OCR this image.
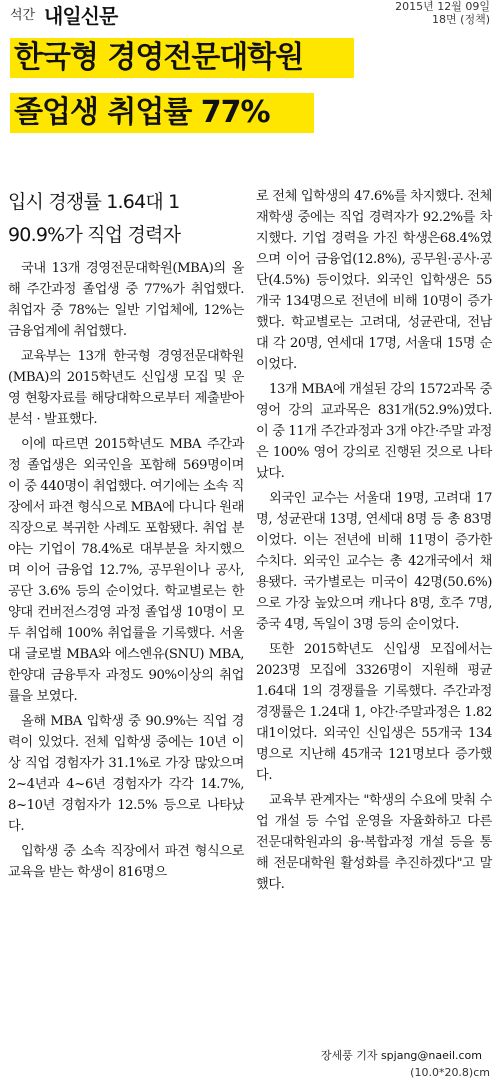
석간 내일신문	2015년 12월 09일
18면 (정책)
한국형 경영전문대학원
졸업생 취업률 77%
입시 경쟁률 1.64대 1
90.9%가 직업 경력자

국내 13개 경영전문대학원(MBA)의 올해 주간과정 졸업생 중 77%가 취업했다. 취업자 중 78%는 일반 기업체에, 12%는 금융업계에 취업했다.

교육부는 13개 한국형 경영전문대학원(MBA)의 2015학년도 신입생 모집 및 운영 현황자료를 해당대학으로부터 제출받아 분석 · 발표했다.

이에 따르면 2015학년도 MBA 주간과정 졸업생은 외국인을 포함해 569명이며 이 중 440명이 취업했다. 여기에는 소속 직장에서 파견 형식으로 MBA에 다니다 원래 직장으로 복귀한 사례도 포함됐다. 취업 분야는 기업이 78.4%로 대부분을 차지했으며 이어 금융업 12.7%, 공무원이나 공사, 공단 3.6% 등의 순이었다. 학교별로는 한양대 컨버전스경영 과정 졸업생 10명이 모두 취업해 100% 취업률을 기록했다. 서울대 글로벌 MBA와 에스엔유(SNU) MBA, 한양대 금융투자 과정도 90%이상의 취업률을 보였다.

올해 MBA 입학생 중 90.9%는 직업 경력이 있었다. 전체 입학생 중에는 10년 이상 직업 경험자가 31.1%로 가장 많았으며 2~4년과 4~6년 경험자가 각각 14.7%, 8~10년 경험자가 12.5% 등으로 나타났다.

입학생 중 소속 직장에서 파견 형식으로 교육을 받는 학생이 816명으

로 전체 입학생의 47.6%를 차지했다. 전체 재학생 중에는 직업 경력자가 92.2%를 차지했다. 기업 경력을 가진 학생은68.4%였으며 이어 금융업(12.8%), 공무원·공사·공단(4.5%) 등이었다. 외국인 입학생은 55개국 134명으로 전년에 비해 10명이 증가했다. 학교별로는 고려대, 성균관대, 전남대 각 20명, 연세대 17명, 서울대 15명 순이었다.

13개 MBA에 개설된 강의 1572과목 중 영어 강의 교과목은 831개(52.9%)였다. 이 중 11개 주간과정과 3개 야간·주말 과정은 100% 영어 강의로 진행된 것으로 나타났다.

외국인 교수는 서울대 19명, 고려대 17명, 성균관대 13명, 연세대 8명 등 총 83명이었다. 이는 전년에 비해 11명이 증가한 수치다. 외국인 교수는 총 42개국에서 채용됐다. 국가별로는 미국이 42명(50.6%)으로 가장 높았으며 캐나다 8명, 호주 7명, 중국 4명, 독일이 3명 등의 순이었다.

또한 2015학년도 신입생 모집에서는 2023명 모집에 3326명이 지원해 평균 1.64대 1의 경쟁률을 기록했다. 주간과정 경쟁률은 1.24대 1, 야간·주말과정은 1.82대1이었다. 외국인 신입생은 55개국 134명으로 지난해 45개국 121명보다 증가했다.

교육부 관계자는 "학생의 수요에 맞춰 수업 개설 등 수업 운영을 자율화하고 다른 전문대학원과의 융·복합과정 개설 등을 통해 전문대학원 활성화를 추진하겠다"고 말했다.

장세풍 기자 spjang@naeil.com
(10.0*20.8)cm
